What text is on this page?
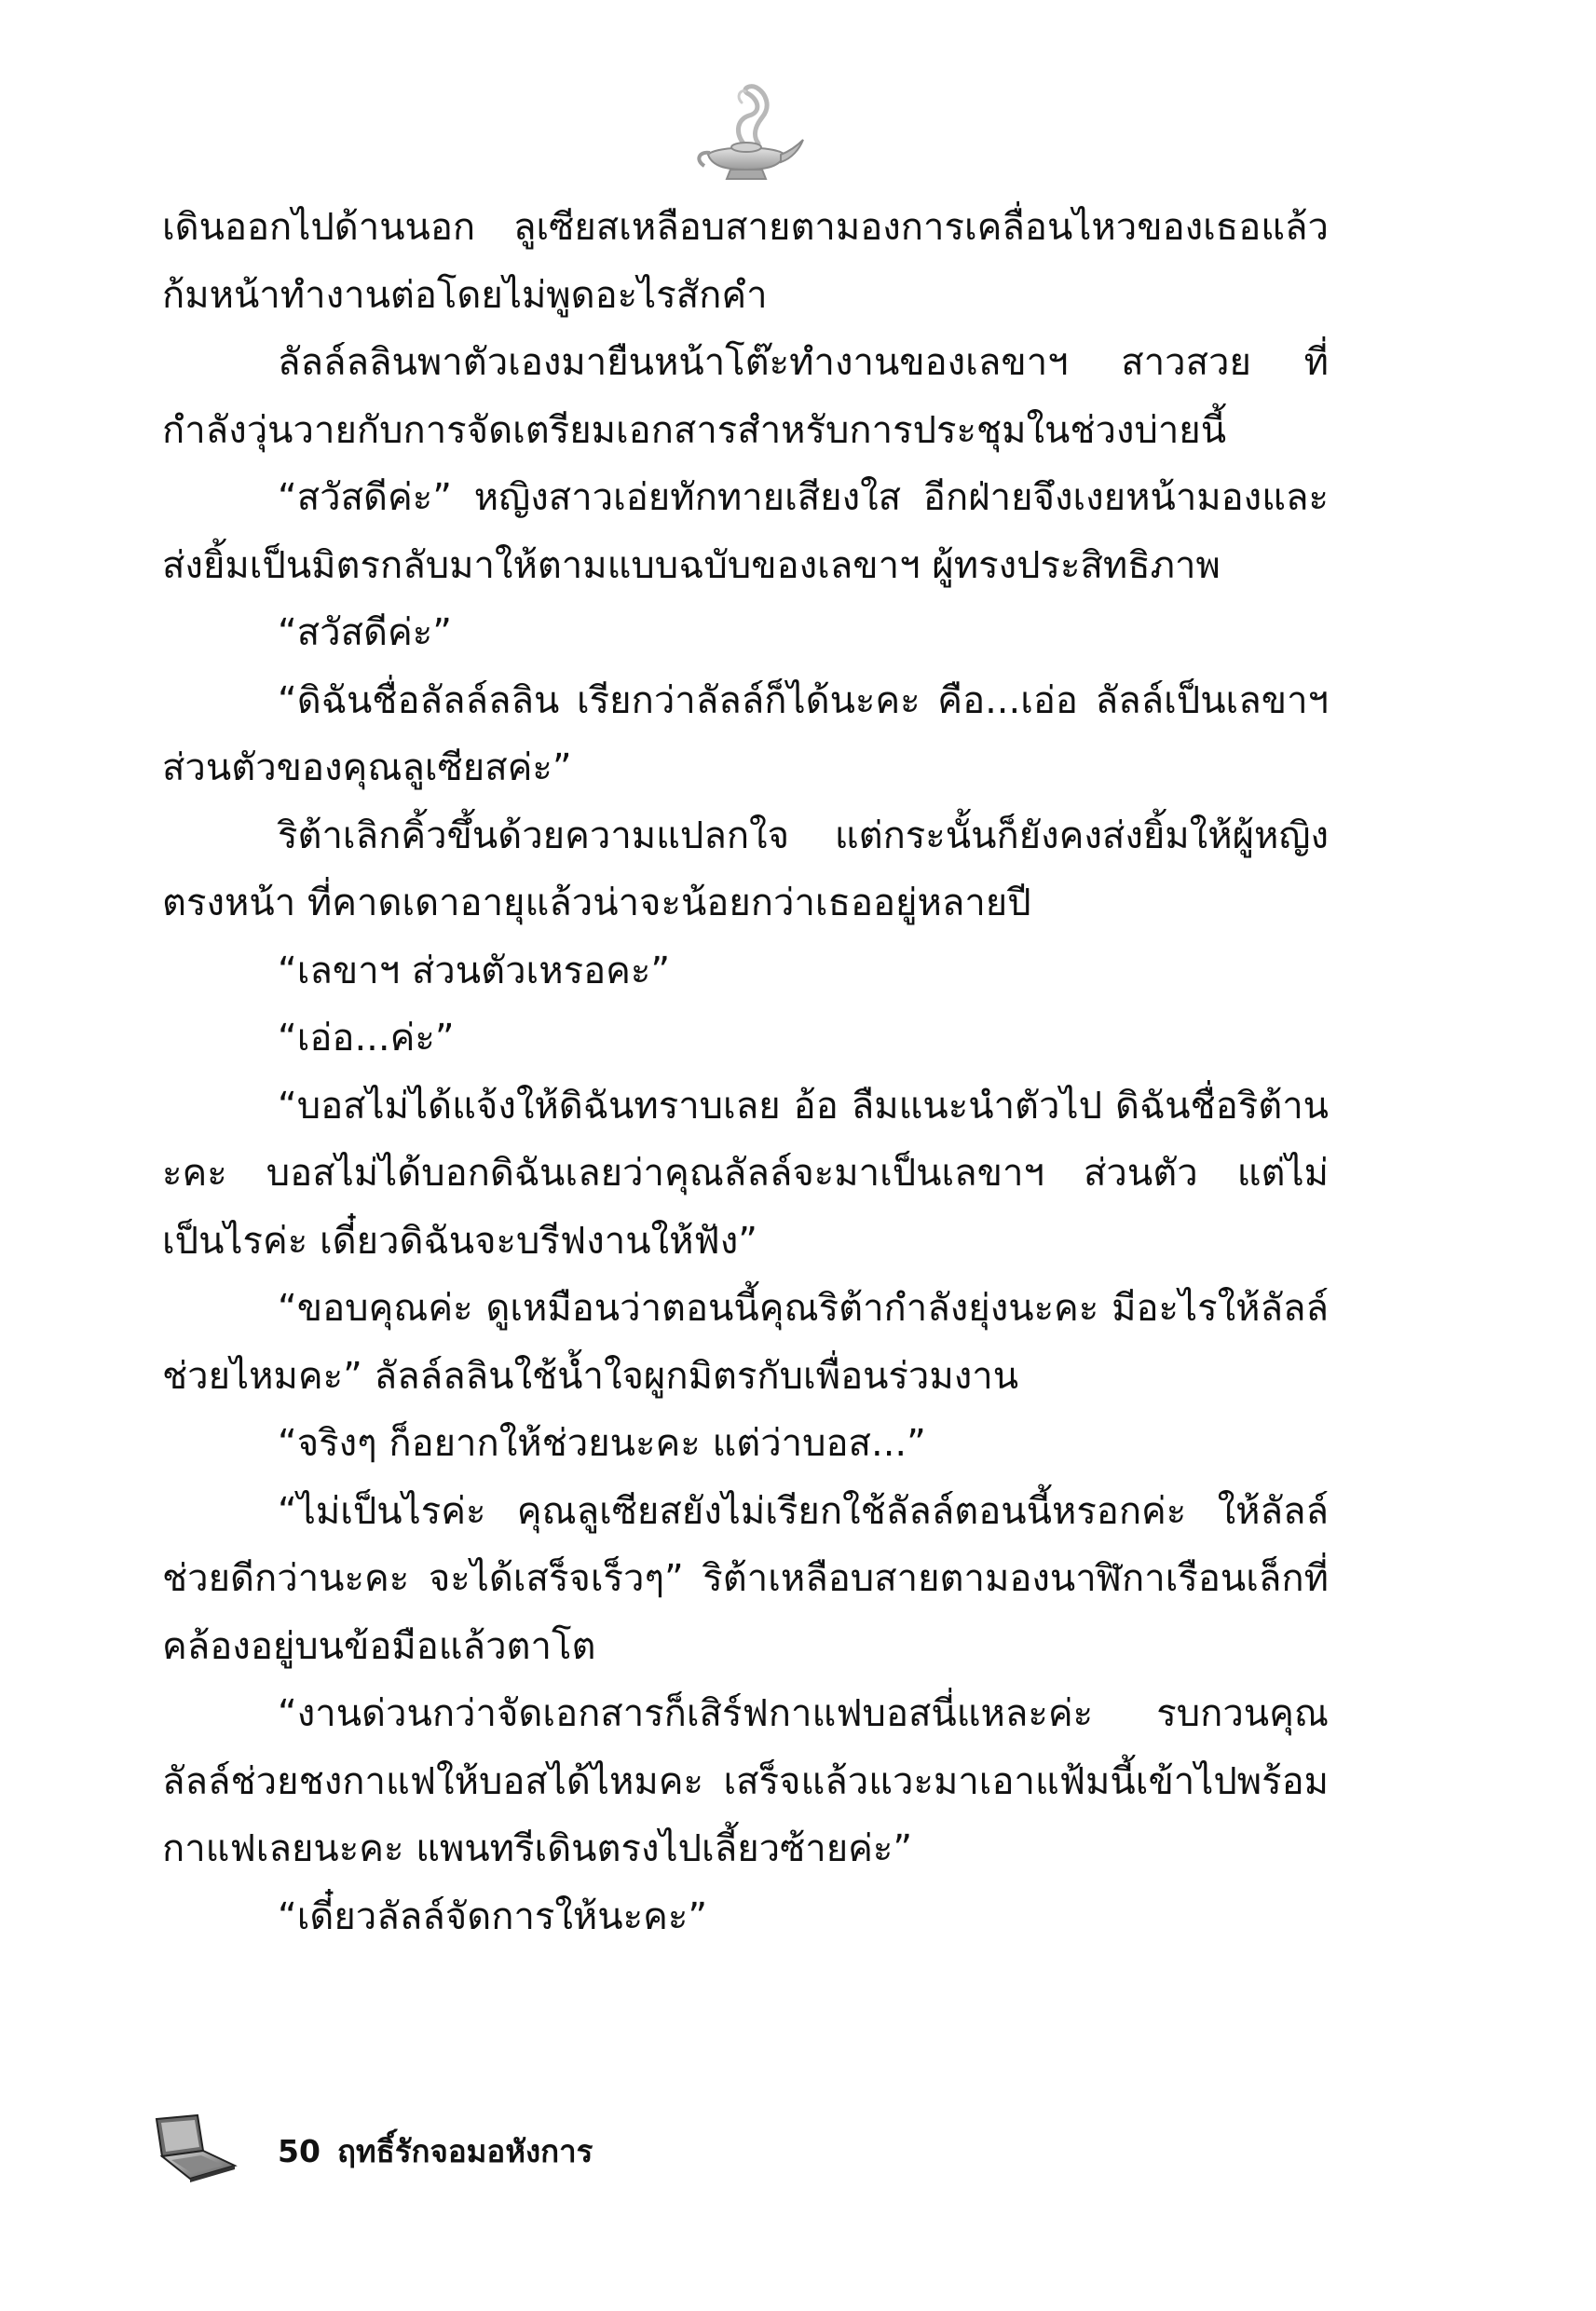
เดินออกไปด้านนอก ลูเซียสเหลือบสายตามองการเคลื่อนไหวของเธอแล้วก้มหน้าทำงานต่อโดยไม่พูดอะไรสักคำ

ลัลล์ลลินพาตัวเองมายืนหน้าโต๊ะทำงานของเลขาฯ สาวสวย ที่กำลังวุ่นวายกับการจัดเตรียมเอกสารสำหรับการประชุมในช่วงบ่ายนี้

“สวัสดีค่ะ” หญิงสาวเอ่ยทักทายเสียงใส อีกฝ่ายจึงเงยหน้ามองและส่งยิ้มเป็นมิตรกลับมาให้ตามแบบฉบับของเลขาฯ ผู้ทรงประสิทธิภาพ

“สวัสดีค่ะ”

“ดิฉันชื่อลัลล์ลลิน เรียกว่าลัลล์ก็ได้นะคะ คือ...เอ่อ ลัลล์เป็นเลขาฯ ส่วนตัวของคุณลูเซียสค่ะ”

ริต้าเลิกคิ้วขึ้นด้วยความแปลกใจ แต่กระนั้นก็ยังคงส่งยิ้มให้ผู้หญิงตรงหน้า ที่คาดเดาอายุแล้วน่าจะน้อยกว่าเธออยู่หลายปี

“เลขาฯ ส่วนตัวเหรอคะ”

“เอ่อ...ค่ะ”

“บอสไม่ได้แจ้งให้ดิฉันทราบเลย อ้อ ลืมแนะนำตัวไป ดิฉันชื่อริต้านะคะ บอสไม่ได้บอกดิฉันเลยว่าคุณลัลล์จะมาเป็นเลขาฯ ส่วนตัว แต่ไม่เป็นไรค่ะ เดี๋ยวดิฉันจะบรีฟงานให้ฟัง”

“ขอบคุณค่ะ ดูเหมือนว่าตอนนี้คุณริต้ากำลังยุ่งนะคะ มีอะไรให้ลัลล์ช่วยไหมคะ” ลัลล์ลลินใช้น้ำใจผูกมิตรกับเพื่อนร่วมงาน

“จริงๆ ก็อยากให้ช่วยนะคะ แต่ว่าบอส...”

“ไม่เป็นไรค่ะ คุณลูเซียสยังไม่เรียกใช้ลัลล์ตอนนี้หรอกค่ะ ให้ลัลล์ช่วยดีกว่านะคะ จะได้เสร็จเร็วๆ” ริต้าเหลือบสายตามองนาฬิกาเรือนเล็กที่คล้องอยู่บนข้อมือแล้วตาโต

“งานด่วนกว่าจัดเอกสารก็เสิร์ฟกาแฟบอสนี่แหละค่ะ รบกวนคุณลัลล์ช่วยชงกาแฟให้บอสได้ไหมคะ เสร็จแล้วแวะมาเอาแฟ้มนี้เข้าไปพร้อมกาแฟเลยนะคะ แพนทรีเดินตรงไปเลี้ยวซ้ายค่ะ”

“เดี๋ยวลัลล์จัดการให้นะคะ”

50 ฤทธิ์รักจอมอหังการ
